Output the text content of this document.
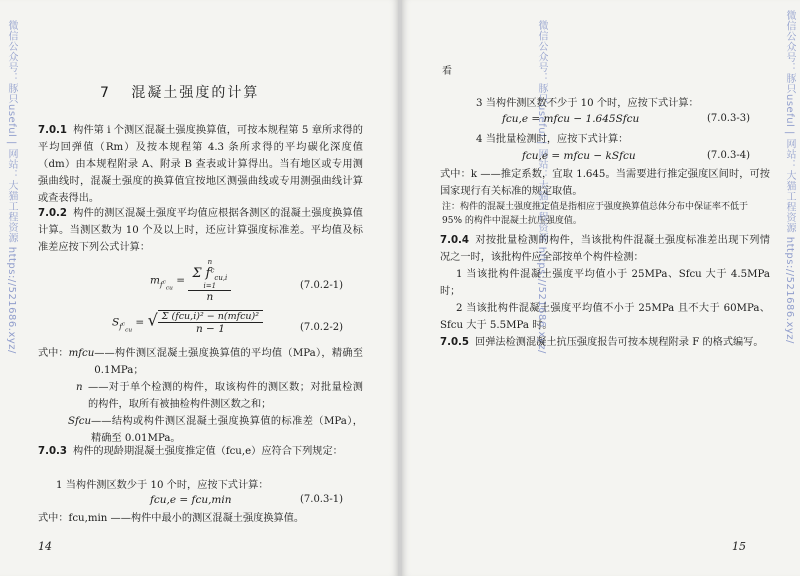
微信公众号：豚只useful | 网站：大猫工程资源 https://521686.xyz/	7 混凝土强度的计算
7.0.1 构件第 i 个测区混凝土强度换算值，可按本规程第 5 章所求得的平均回弹值（Rm）及按本规程第 4.3 条所求得的平均碳化深度值（dm）由本规程附录 A、附录 B 查表或计算得出。当有地区或专用测强曲线时，混凝土强度的换算值宜按地区测强曲线或专用测强曲线计算或查表得出。
7.0.2 构件的测区混凝土强度平均值应根据各测区的混凝土强度换算值计算。当测区数为 10 个及以上时，还应计算强度标准差。平均值及标准差应按下列公式计算：
$m_{f^c_{cu}} = n$
Σ $f^c_{cu,i}$
i=1
n	(7.0.2-1)
$S_{f^c_{cu}}$ = √ $\frac{\text{Σ (fcu,i)² − n(mfcu)²}}{n - 1}$	(7.0.2-2)
式中： mfcu ——构件测区混凝土强度换算值的平均值（MPa），精确至 0.1MPa；
n ——对于单个检测的构件，取该构件的测区数；对批量检测的构件，取所有被抽检构件测区数之和；
Sfcu ——结构或构件测区混凝土强度换算值的标准差（MPa），精确至 0.01MPa。
7.0.3 构件的现龄期混凝土强度推定值（fcu,e）应符合下列规定：
1 当构件测区数少于 10 个时，应按下式计算：
fcu,e = fcu,min	(7.0.3-1)
式中：fcu,min ——构件中最小的测区混凝土强度换算值。
14
微信公众号：豚只useful | 网站：大猫工程资源 https://521686.xyz/	微信公众号：豚只useful | 网站：大猫工程资源 https://521686.xyz/
看
3 当构件测区数不少于 10 个时，应按下式计算：
fcu,e = mfcu − 1.645Sfcu	(7.0.3-3)
4 当批量检测时，应按下式计算：
fcu,e = mfcu − kSfcu	(7.0.3-4)
式中：k ——推定系数，宜取 1.645。当需要进行推定强度区间时，可按国家现行有关标准的规定取值。
注：构件的混凝土强度推定值是指相应于强度换算值总体分布中保证率不低于 95% 的构件中混凝土抗压强度值。
7.0.4 对按批量检测的构件，当该批构件混凝土强度标准差出现下列情况之一时，该批构件应全部按单个构件检测：
1 当该批构件混凝土强度平均值小于 25MPa、Sfcu 大于 4.5MPa 时；
2 当该批构件混凝土强度平均值不小于 25MPa 且不大于 60MPa、Sfcu 大于 5.5MPa 时。
7.0.5 回弹法检测混凝土抗压强度报告可按本规程附录 F 的格式编写。
15
